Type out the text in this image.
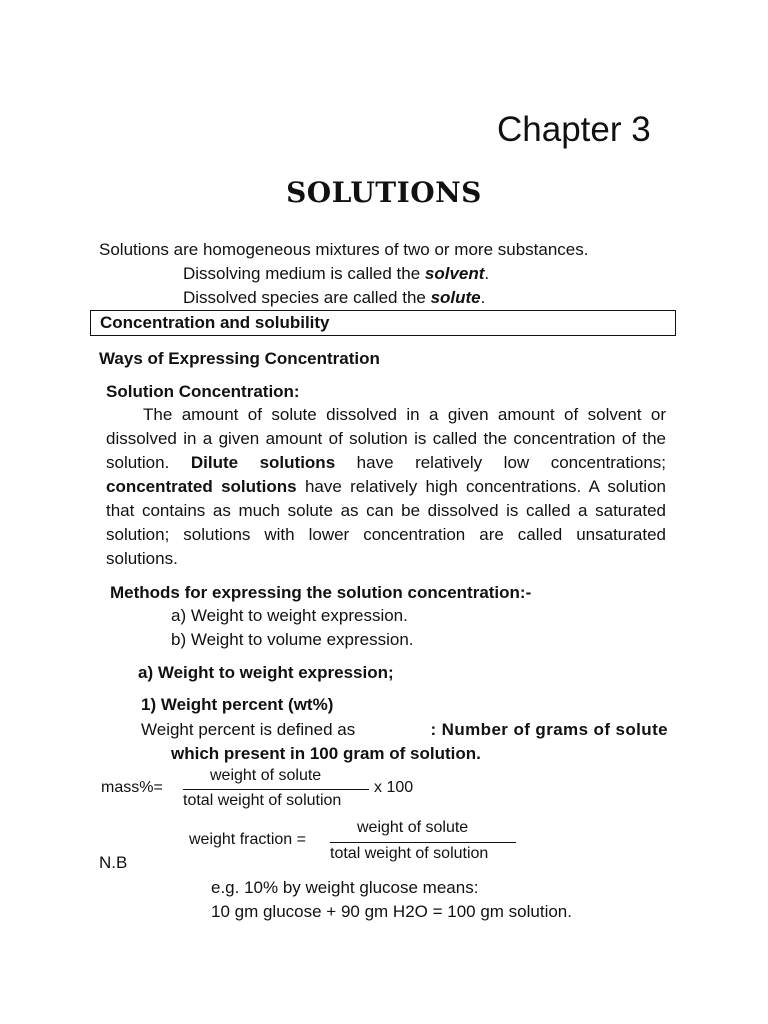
Chapter 3
SOLUTIONS
Solutions are homogeneous mixtures of two or more substances.
Dissolving medium is called the solvent.
Dissolved species are called the solute.
Concentration and solubility
Ways of Expressing Concentration
Solution Concentration:
The amount of solute dissolved in a given amount of solvent or dissolved in a given amount of solution is called the concentration of the solution. Dilute solutions have relatively low concentrations; concentrated solutions have relatively high concentrations. A solution that contains as much solute as can be dissolved is called a saturated solution; solutions with lower concentration are called unsaturated solutions.
Methods for expressing the solution concentration:-
a) Weight to weight expression.
b) Weight to volume expression.
a) Weight to weight expression;
1) Weight percent (wt%)
Weight percent is defined as	: Number of grams of solute
which present in 100 gram of solution.
mass%=
weight of solute
total weight of solution
x 100
weight fraction =
weight of solute
total weight of solution
N.B
e.g. 10% by weight glucose means:
10 gm glucose + 90 gm H2O = 100 gm solution.
